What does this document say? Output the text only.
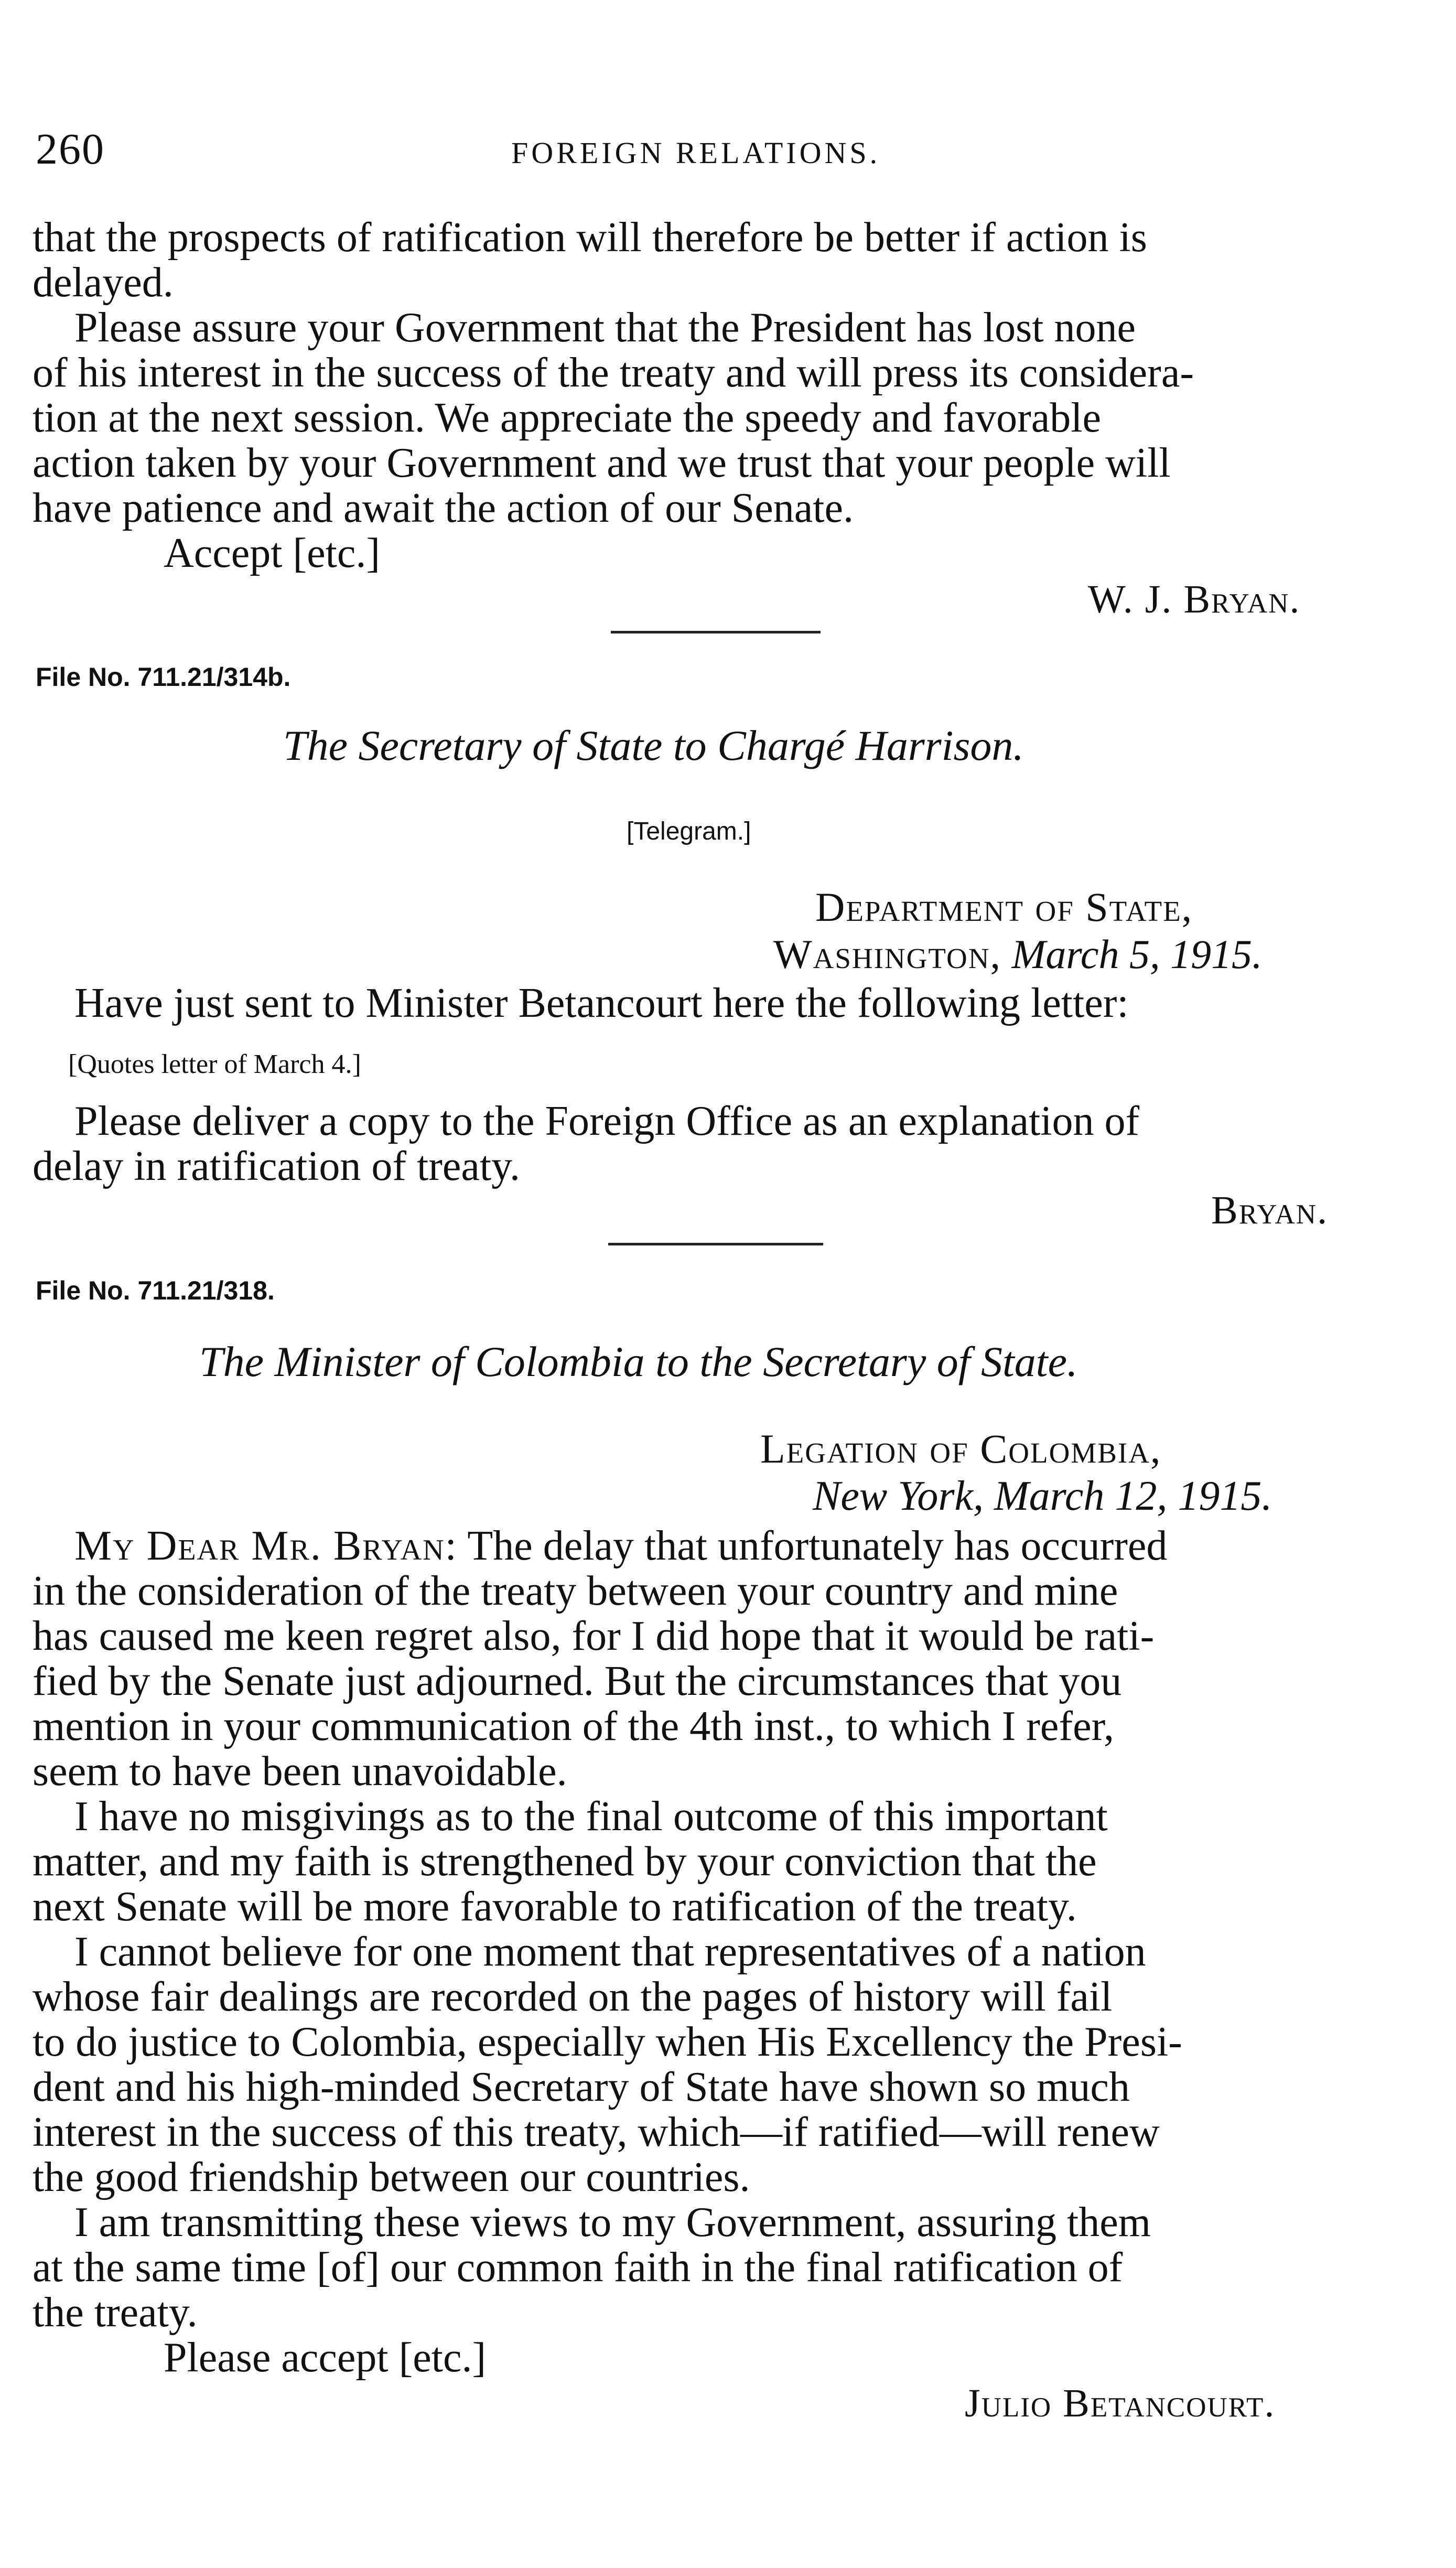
260	FOREIGN RELATIONS.
that the prospects of ratification will therefore be better if action is
delayed.
Please assure your Government that the President has lost none
of his interest in the success of the treaty and will press its considera-
tion at the next session. We appreciate the speedy and favorable
action taken by your Government and we trust that your people will
have patience and await the action of our Senate.
Accept [etc.]
W. J. Bryan.
File No. 711.21/314b.
The Secretary of State to Chargé Harrison.
[Telegram.]
Department of State,
Washington, March 5, 1915.
Have just sent to Minister Betancourt here the following letter:
[Quotes letter of March 4.]
Please deliver a copy to the Foreign Office as an explanation of
delay in ratification of treaty.
Bryan.
File No. 711.21/318.
The Minister of Colombia to the Secretary of State.
Legation of Colombia,
New York, March 12, 1915.
My Dear Mr. Bryan: The delay that unfortunately has occurred
in the consideration of the treaty between your country and mine
has caused me keen regret also, for I did hope that it would be rati-
fied by the Senate just adjourned. But the circumstances that you
mention in your communication of the 4th inst., to which I refer,
seem to have been unavoidable.
I have no misgivings as to the final outcome of this important
matter, and my faith is strengthened by your conviction that the
next Senate will be more favorable to ratification of the treaty.
I cannot believe for one moment that representatives of a nation
whose fair dealings are recorded on the pages of history will fail
to do justice to Colombia, especially when His Excellency the Presi-
dent and his high-minded Secretary of State have shown so much
interest in the success of this treaty, which—if ratified—will renew
the good friendship between our countries.
I am transmitting these views to my Government, assuring them
at the same time [of] our common faith in the final ratification of
the treaty.
Please accept [etc.]
Julio Betancourt.
